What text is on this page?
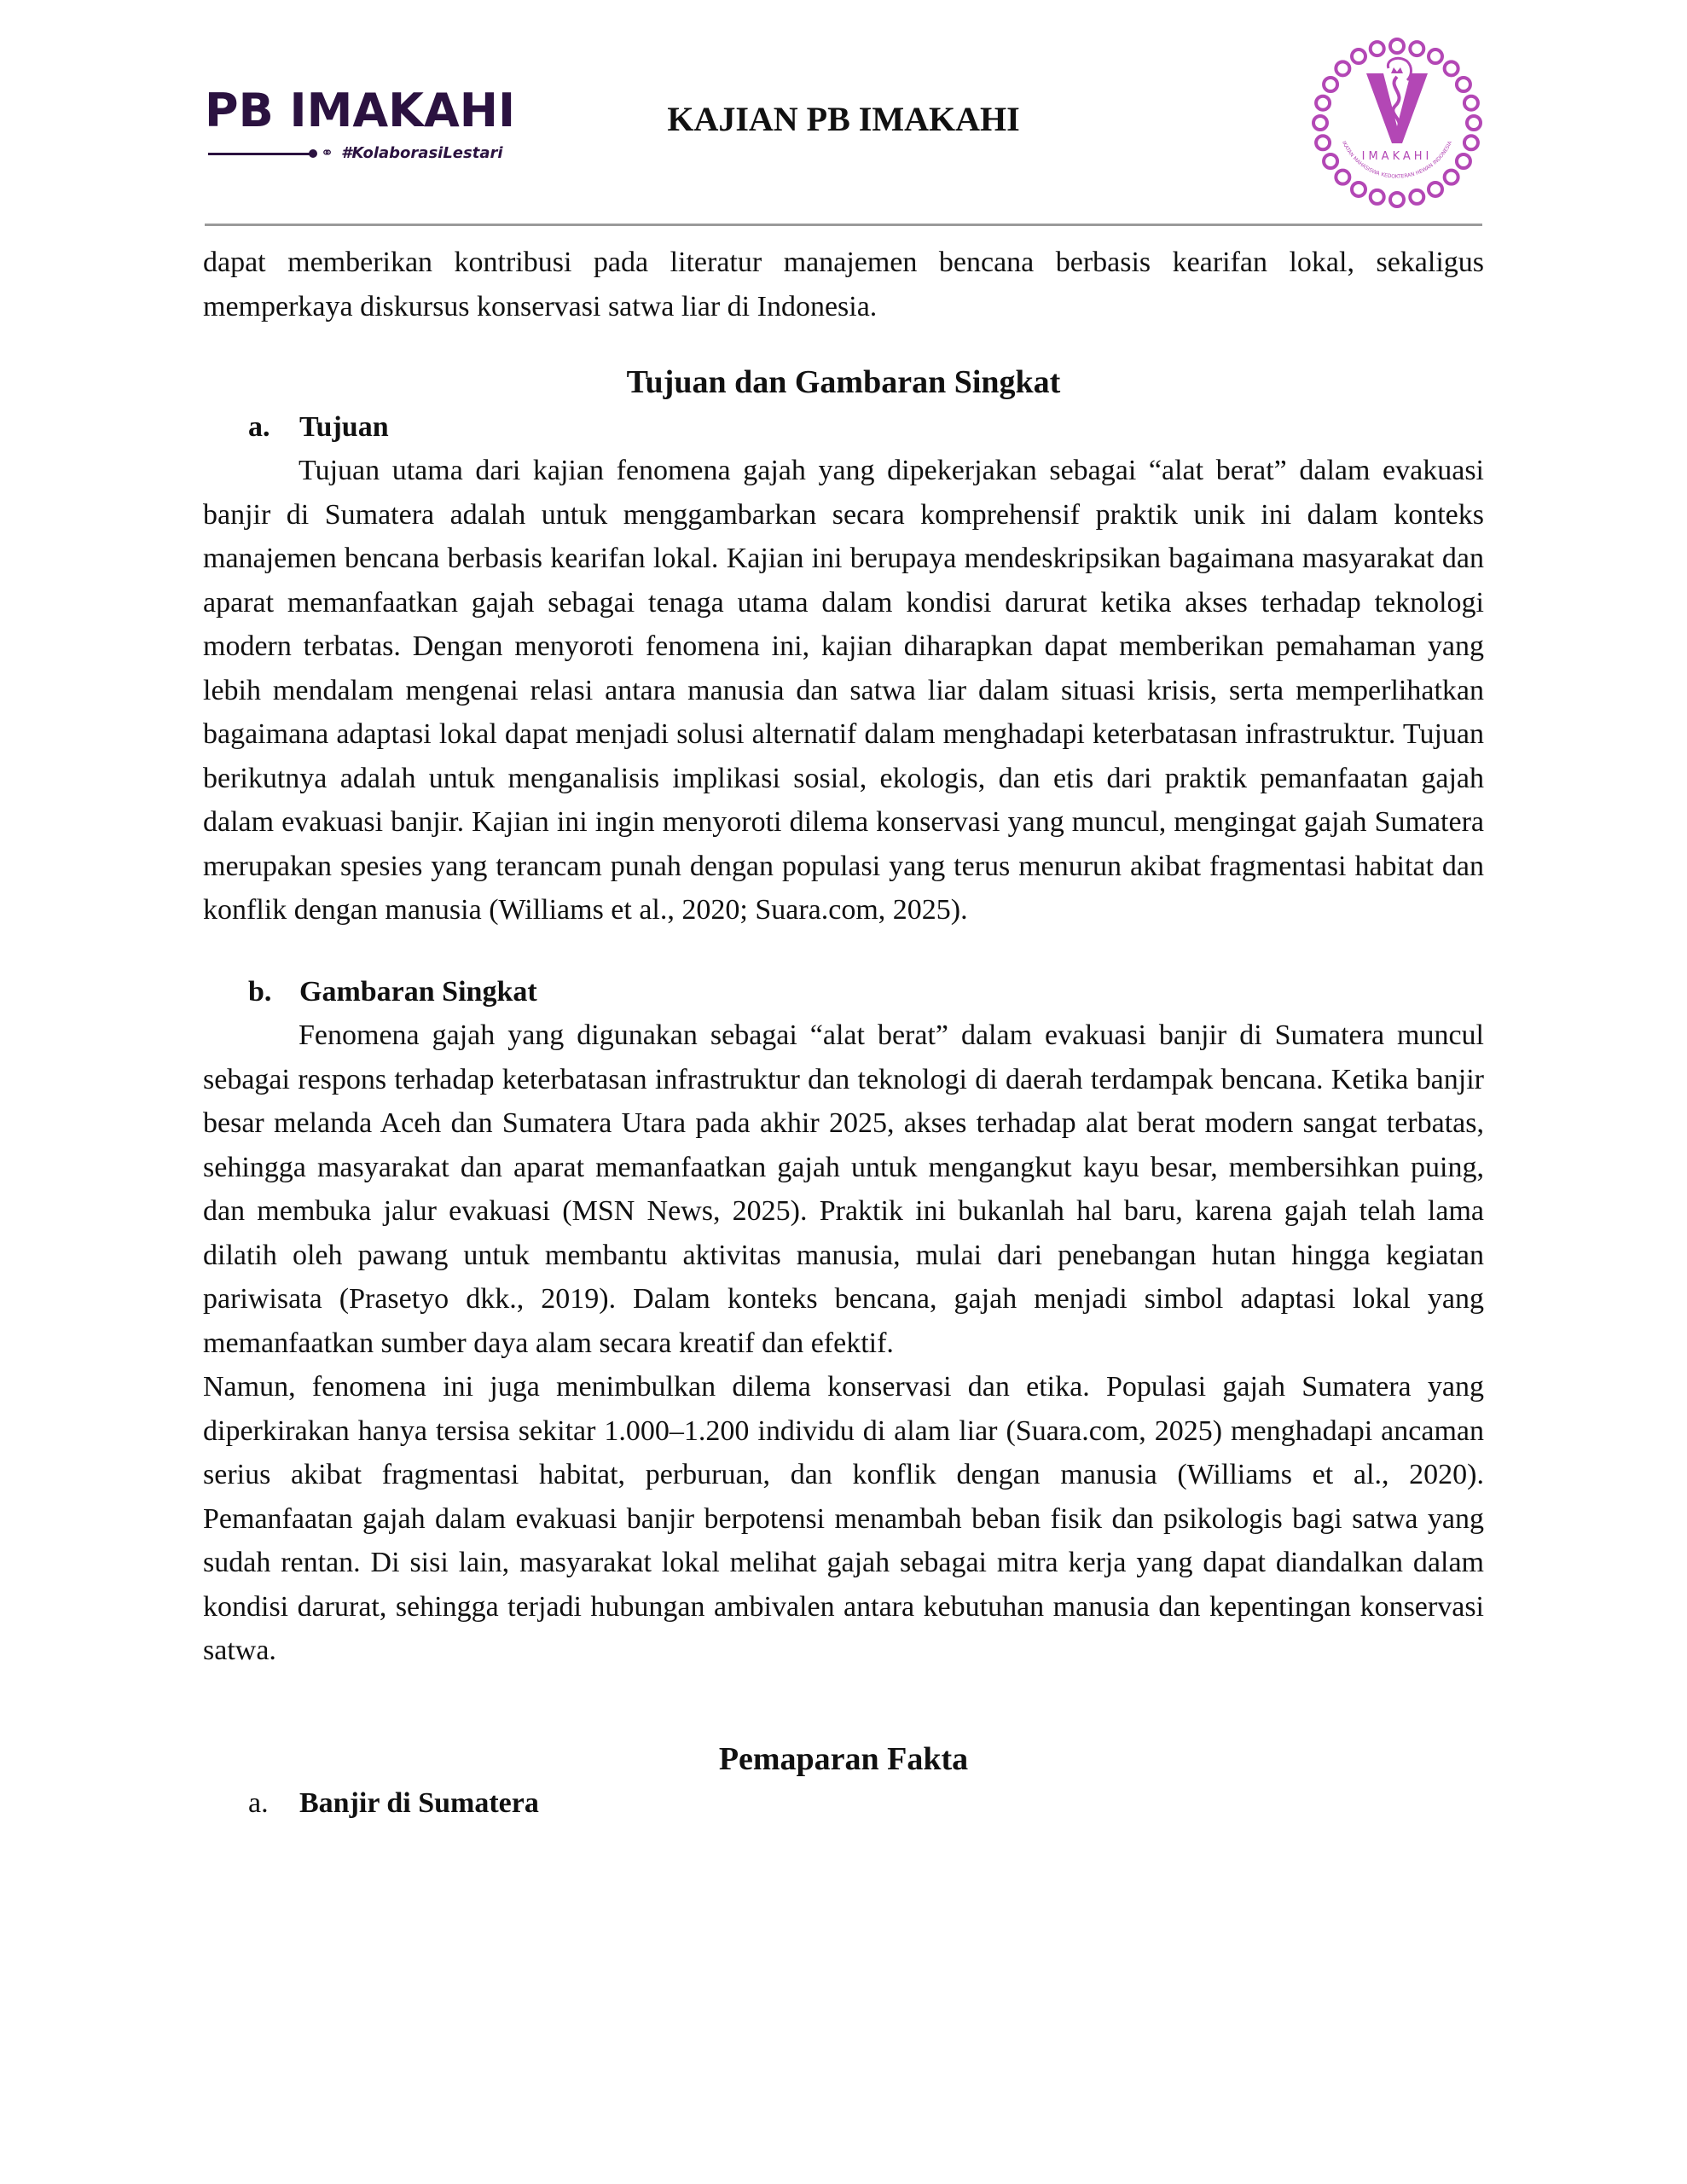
PB IMAKAHI
⚭ #KolaborasiLestari
KAJIAN PB IMAKAHI
IMAKAHI
IKATAN MAHASISWA KEDOKTERAN HEWAN INDONESIA

dapat memberikan kontribusi pada literatur manajemen bencana berbasis kearifan lokal, sekaligus memperkaya diskursus konservasi satwa liar di Indonesia.

Tujuan dan Gambaran Singkat
a.	Tujuan

Tujuan utama dari kajian fenomena gajah yang dipekerjakan sebagai “alat berat” dalam evakuasi banjir di Sumatera adalah untuk menggambarkan secara komprehensif praktik unik ini dalam konteks manajemen bencana berbasis kearifan lokal. Kajian ini berupaya mendeskripsikan bagaimana masyarakat dan aparat memanfaatkan gajah sebagai tenaga utama dalam kondisi darurat ketika akses terhadap teknologi modern terbatas. Dengan menyoroti fenomena ini, kajian diharapkan dapat memberikan pemahaman yang lebih mendalam mengenai relasi antara manusia dan satwa liar dalam situasi krisis, serta memperlihatkan bagaimana adaptasi lokal dapat menjadi solusi alternatif dalam menghadapi keterbatasan infrastruktur. Tujuan berikutnya adalah untuk menganalisis implikasi sosial, ekologis, dan etis dari praktik pemanfaatan gajah dalam evakuasi banjir. Kajian ini ingin menyoroti dilema konservasi yang muncul, mengingat gajah Sumatera merupakan spesies yang terancam punah dengan populasi yang terus menurun akibat fragmentasi habitat dan konflik dengan manusia (Williams et al., 2020; Suara.com, 2025).

b. Gambaran Singkat

Fenomena gajah yang digunakan sebagai “alat berat” dalam evakuasi banjir di Sumatera muncul sebagai respons terhadap keterbatasan infrastruktur dan teknologi di daerah terdampak bencana. Ketika banjir besar melanda Aceh dan Sumatera Utara pada akhir 2025, akses terhadap alat berat modern sangat terbatas, sehingga masyarakat dan aparat memanfaatkan gajah untuk mengangkut kayu besar, membersihkan puing, dan membuka jalur evakuasi (MSN News, 2025). Praktik ini bukanlah hal baru, karena gajah telah lama dilatih oleh pawang untuk membantu aktivitas manusia, mulai dari penebangan hutan hingga kegiatan pariwisata (Prasetyo dkk., 2019). Dalam konteks bencana, gajah menjadi simbol adaptasi lokal yang memanfaatkan sumber daya alam secara kreatif dan efektif.

Namun, fenomena ini juga menimbulkan dilema konservasi dan etika. Populasi gajah Sumatera yang diperkirakan hanya tersisa sekitar 1.000–1.200 individu di alam liar (Suara.com, 2025) menghadapi ancaman serius akibat fragmentasi habitat, perburuan, dan konflik dengan manusia (Williams et al., 2020). Pemanfaatan gajah dalam evakuasi banjir berpotensi menambah beban fisik dan psikologis bagi satwa yang sudah rentan. Di sisi lain, masyarakat lokal melihat gajah sebagai mitra kerja yang dapat diandalkan dalam kondisi darurat, sehingga terjadi hubungan ambivalen antara kebutuhan manusia dan kepentingan konservasi satwa.

Pemaparan Fakta
a.	Banjir di Sumatera
